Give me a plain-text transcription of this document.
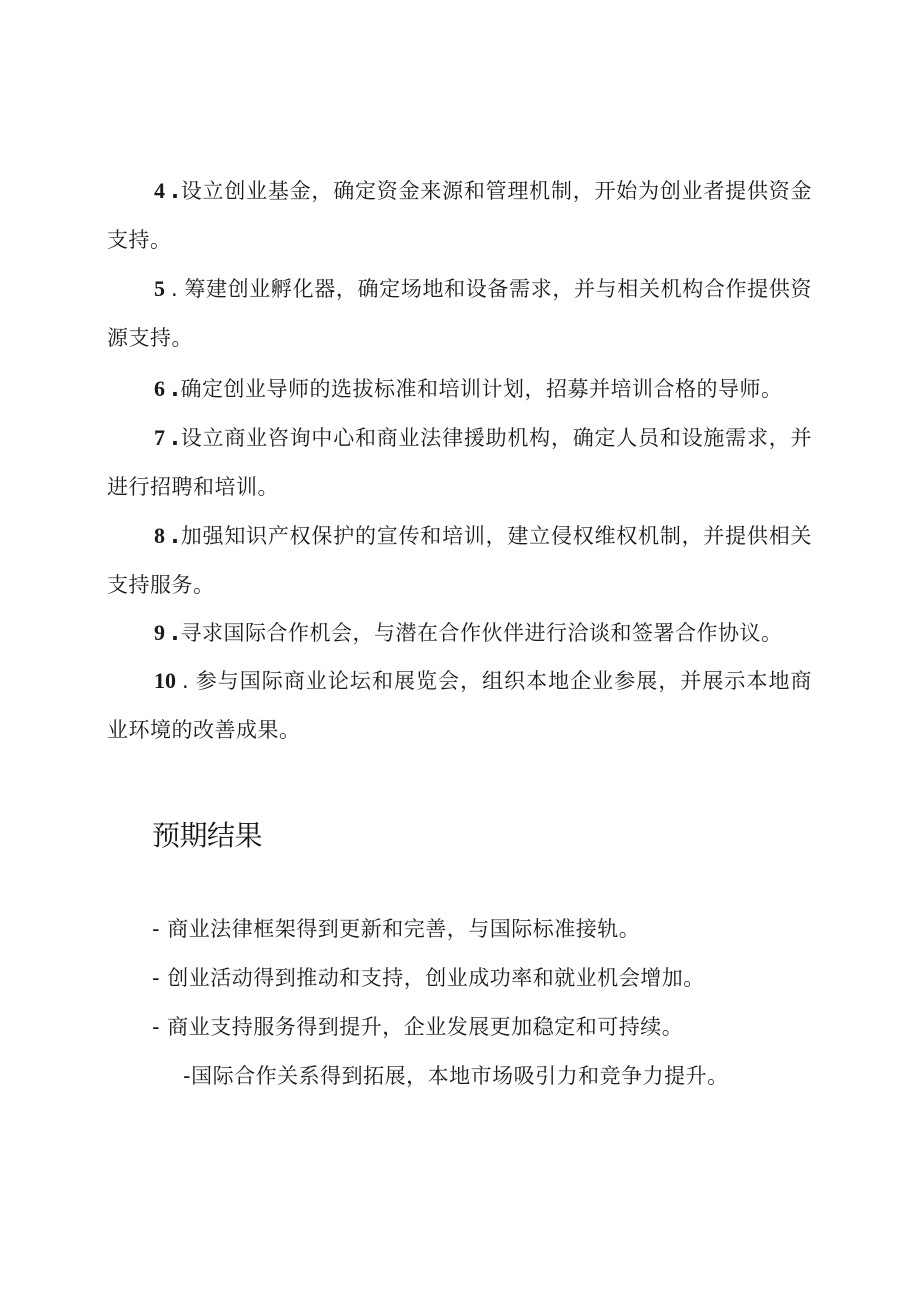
4 .设立创业基金，确定资金来源和管理机制，开始为创业者提供资金支持。

5 . 筹建创业孵化器，确定场地和设备需求，并与相关机构合作提供资源支持。

6 .确定创业导师的选拔标准和培训计划，招募并培训合格的导师。

7 .设立商业咨询中心和商业法律援助机构，确定人员和设施需求，并进行招聘和培训。

8 .加强知识产权保护的宣传和培训，建立侵权维权机制，并提供相关支持服务。

9 .寻求国际合作机会，与潜在合作伙伴进行洽谈和签署合作协议。

10 . 参与国际商业论坛和展览会，组织本地企业参展，并展示本地商业环境的改善成果。

预期结果
- 商业法律框架得到更新和完善，与国际标准接轨。
- 创业活动得到推动和支持，创业成功率和就业机会增加。
- 商业支持服务得到提升，企业发展更加稳定和可持续。
-国际合作关系得到拓展，本地市场吸引力和竞争力提升。
